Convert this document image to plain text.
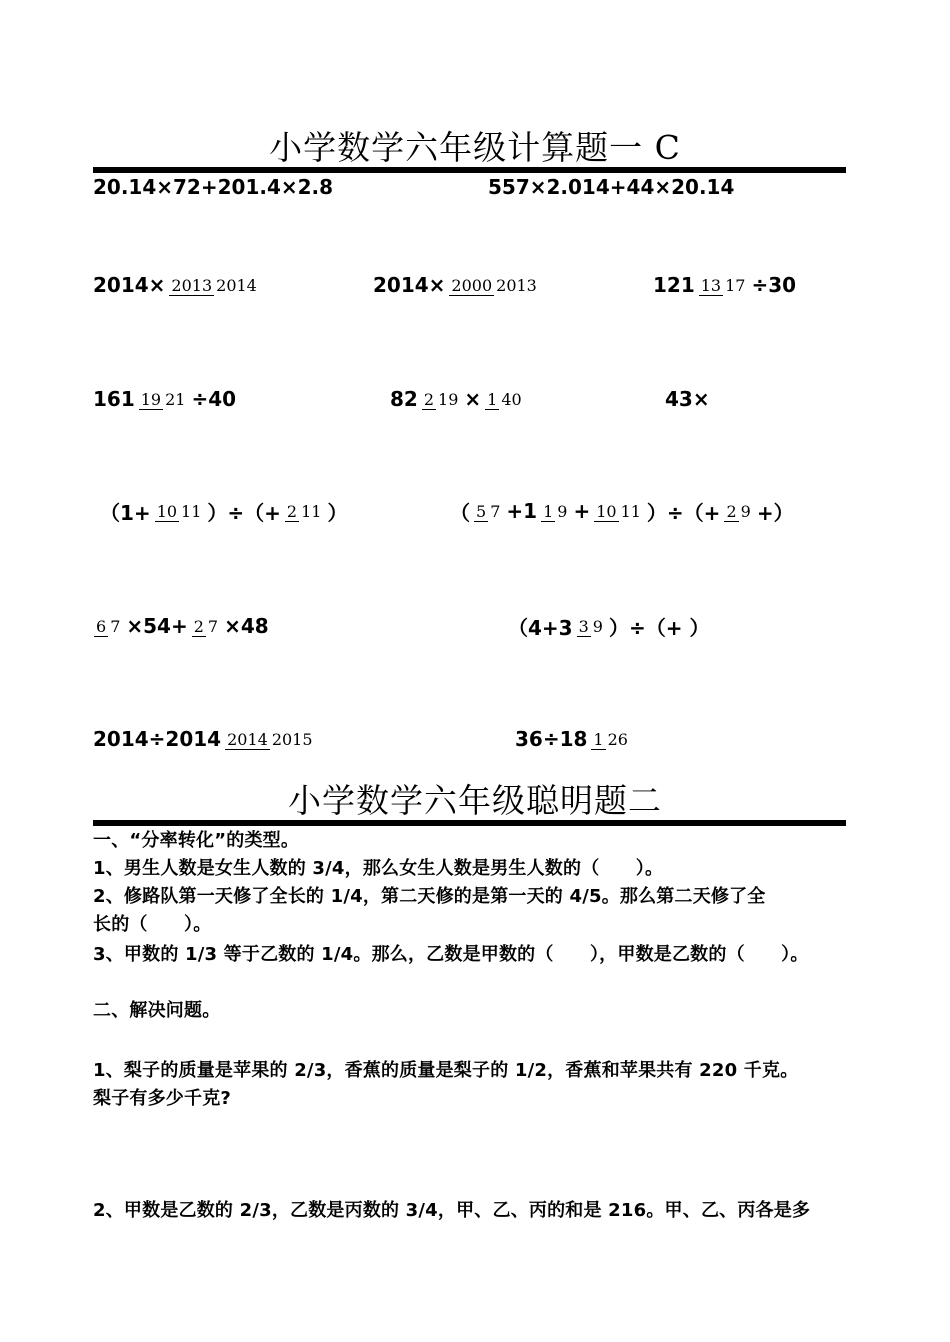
小学数学六年级计算题一 C
20.14×72+201.4×2.8	557×2.014+44×20.14
2014× 2013 2014	2014× 2000 2013	121 13 17 ÷30
161 19 21 ÷40	82 2 19 × 1 40	43×
（1+ 10 11 ）÷（+ 2 11 ）	（ 5 7 +1 1 9 + 10 11 ）÷（+ 2 9 +）
6 7 ×54+ 2 7 ×48	（4+3 3 9 ）÷（+ ）
2014÷2014 2014 2015	36÷18 1 26
小学数学六年级聪明题二
一、“分率转化”的类型。
1、男生人数是女生人数的 3/4，那么女生人数是男生人数的（　　）。
2、修路队第一天修了全长的 1/4，第二天修的是第一天的 4/5。那么第二天修了全
长的（　　）。
3、甲数的 1/3 等于乙数的 1/4。那么，乙数是甲数的（　　），甲数是乙数的（　　）。
二、解决问题。
1、梨子的质量是苹果的 2/3，香蕉的质量是梨子的 1/2，香蕉和苹果共有 220 千克。
梨子有多少千克?
2、甲数是乙数的 2/3，乙数是丙数的 3/4，甲、乙、丙的和是 216。甲、乙、丙各是多
